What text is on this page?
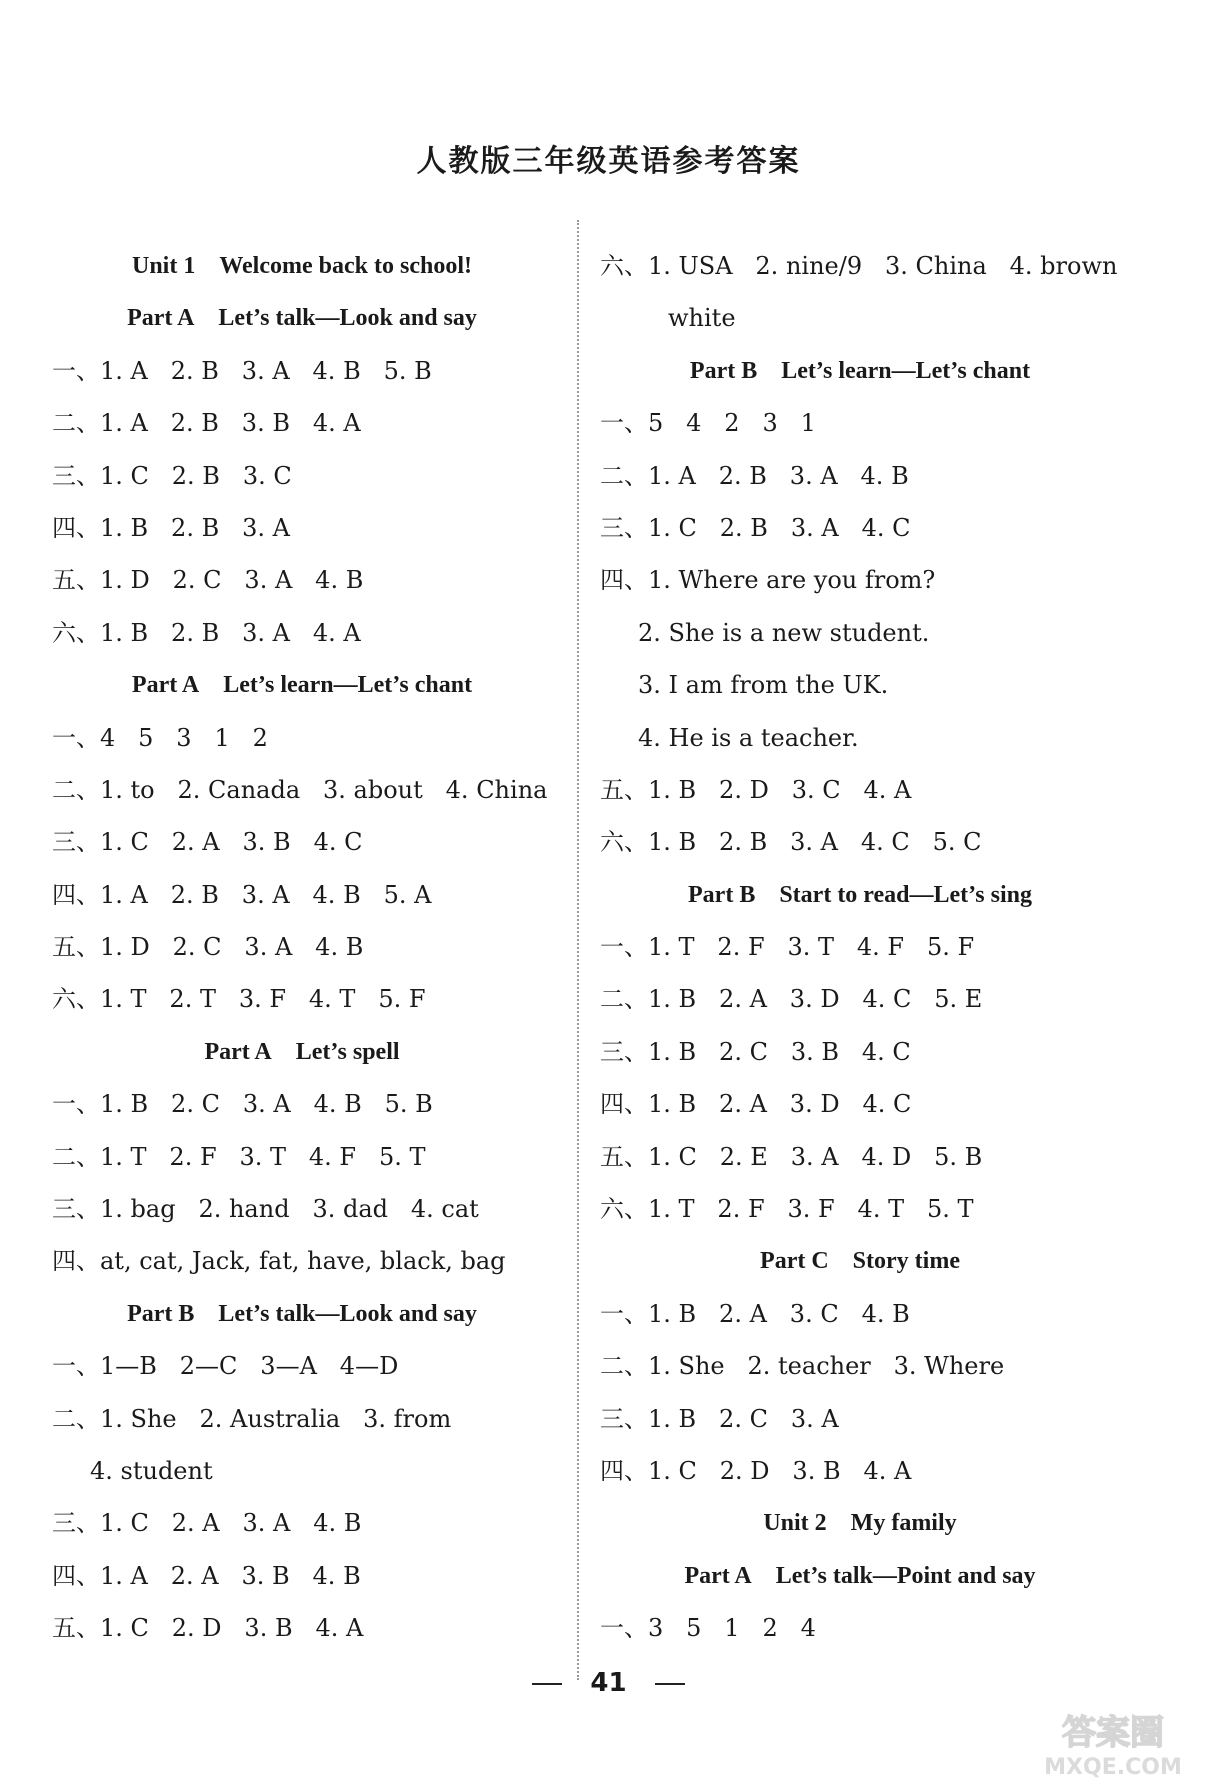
人教版三年级英语参考答案
Unit 1 Welcome back to school!
Part A Let’s talk—Look and say
一、1. A   2. B   3. A   4. B   5. B
二、1. A   2. B   3. B   4. A
三、1. C   2. B   3. C
四、1. B   2. B   3. A
五、1. D   2. C   3. A   4. B
六、1. B   2. B   3. A   4. A
Part A Let’s learn—Let’s chant
一、4   5   3   1   2
二、1. to   2. Canada   3. about   4. China
三、1. C   2. A   3. B   4. C
四、1. A   2. B   3. A   4. B   5. A
五、1. D   2. C   3. A   4. B
六、1. T   2. T   3. F   4. T   5. F
Part A Let’s spell
一、1. B   2. C   3. A   4. B   5. B
二、1. T   2. F   3. T   4. F   5. T
三、1. bag   2. hand   3. dad   4. cat
四、at, cat, Jack, fat, have, black, bag
Part B Let’s talk—Look and say
一、1—B   2—C   3—A   4—D
二、1. She   2. Australia   3. from
4. student
三、1. C   2. A   3. A   4. B
四、1. A   2. A   3. B   4. B
五、1. C   2. D   3. B   4. A
六、1. USA   2. nine/9   3. China   4. brown
white
Part B Let’s learn—Let’s chant
一、5   4   2   3   1
二、1. A   2. B   3. A   4. B
三、1. C   2. B   3. A   4. C
四、1. Where are you from?
2. She is a new student.
3. I am from the UK.
4. He is a teacher.
五、1. B   2. D   3. C   4. A
六、1. B   2. B   3. A   4. C   5. C
Part B Start to read—Let’s sing
一、1. T   2. F   3. T   4. F   5. F
二、1. B   2. A   3. D   4. C   5. E
三、1. B   2. C   3. B   4. C
四、1. B   2. A   3. D   4. C
五、1. C   2. E   3. A   4. D   5. B
六、1. T   2. F   3. F   4. T   5. T
Part C Story time
一、1. B   2. A   3. C   4. B
二、1. She   2. teacher   3. Where
三、1. B   2. C   3. A
四、1. C   2. D   3. B   4. A
Unit 2 My family
Part A Let’s talk—Point and say
一、3   5   1   2   4
41
答案圈
MXQE.COM
